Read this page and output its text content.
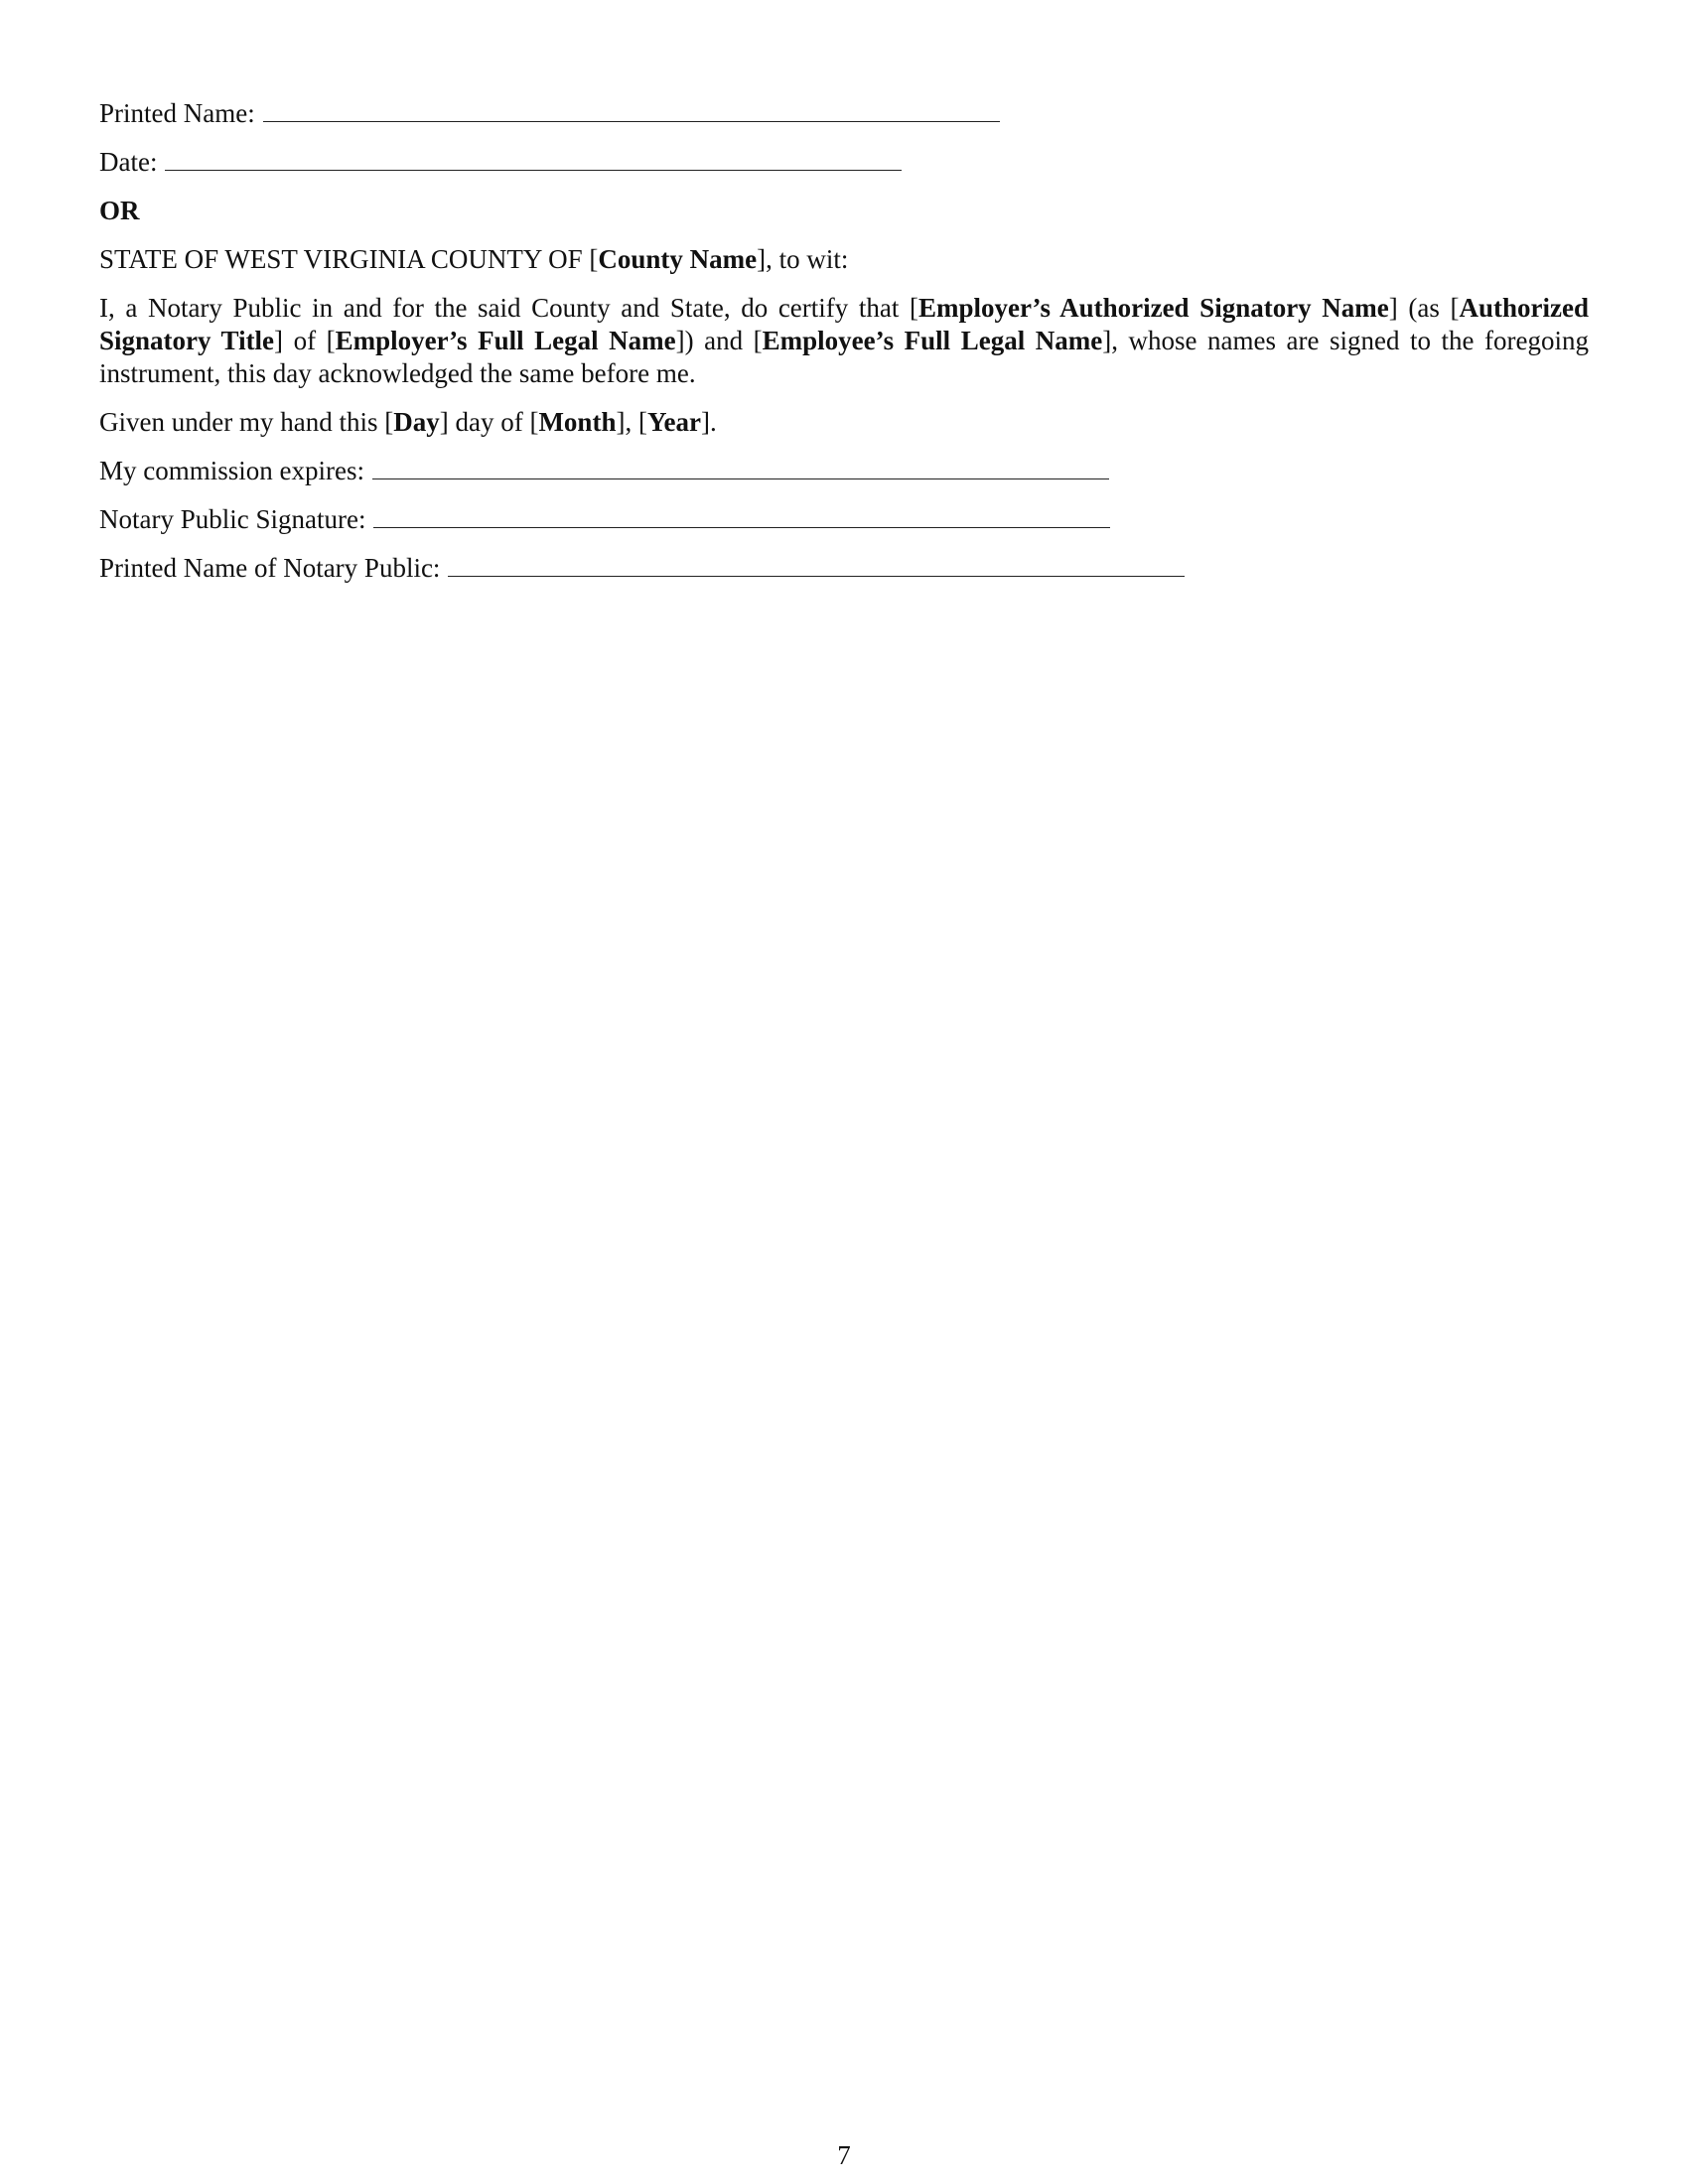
Printed Name:
Date:
OR
STATE OF WEST VIRGINIA COUNTY OF [County Name], to wit:
I, a Notary Public in and for the said County and State, do certify that [Employer’s Authorized Signatory Name] (as [Authorized Signatory Title] of [Employer’s Full Legal Name]) and [Employee’s Full Legal Name], whose names are signed to the foregoing instrument, this day acknowledged the same before me.
Given under my hand this [Day] day of [Month], [Year].
My commission expires:
Notary Public Signature:
Printed Name of Notary Public:
7
